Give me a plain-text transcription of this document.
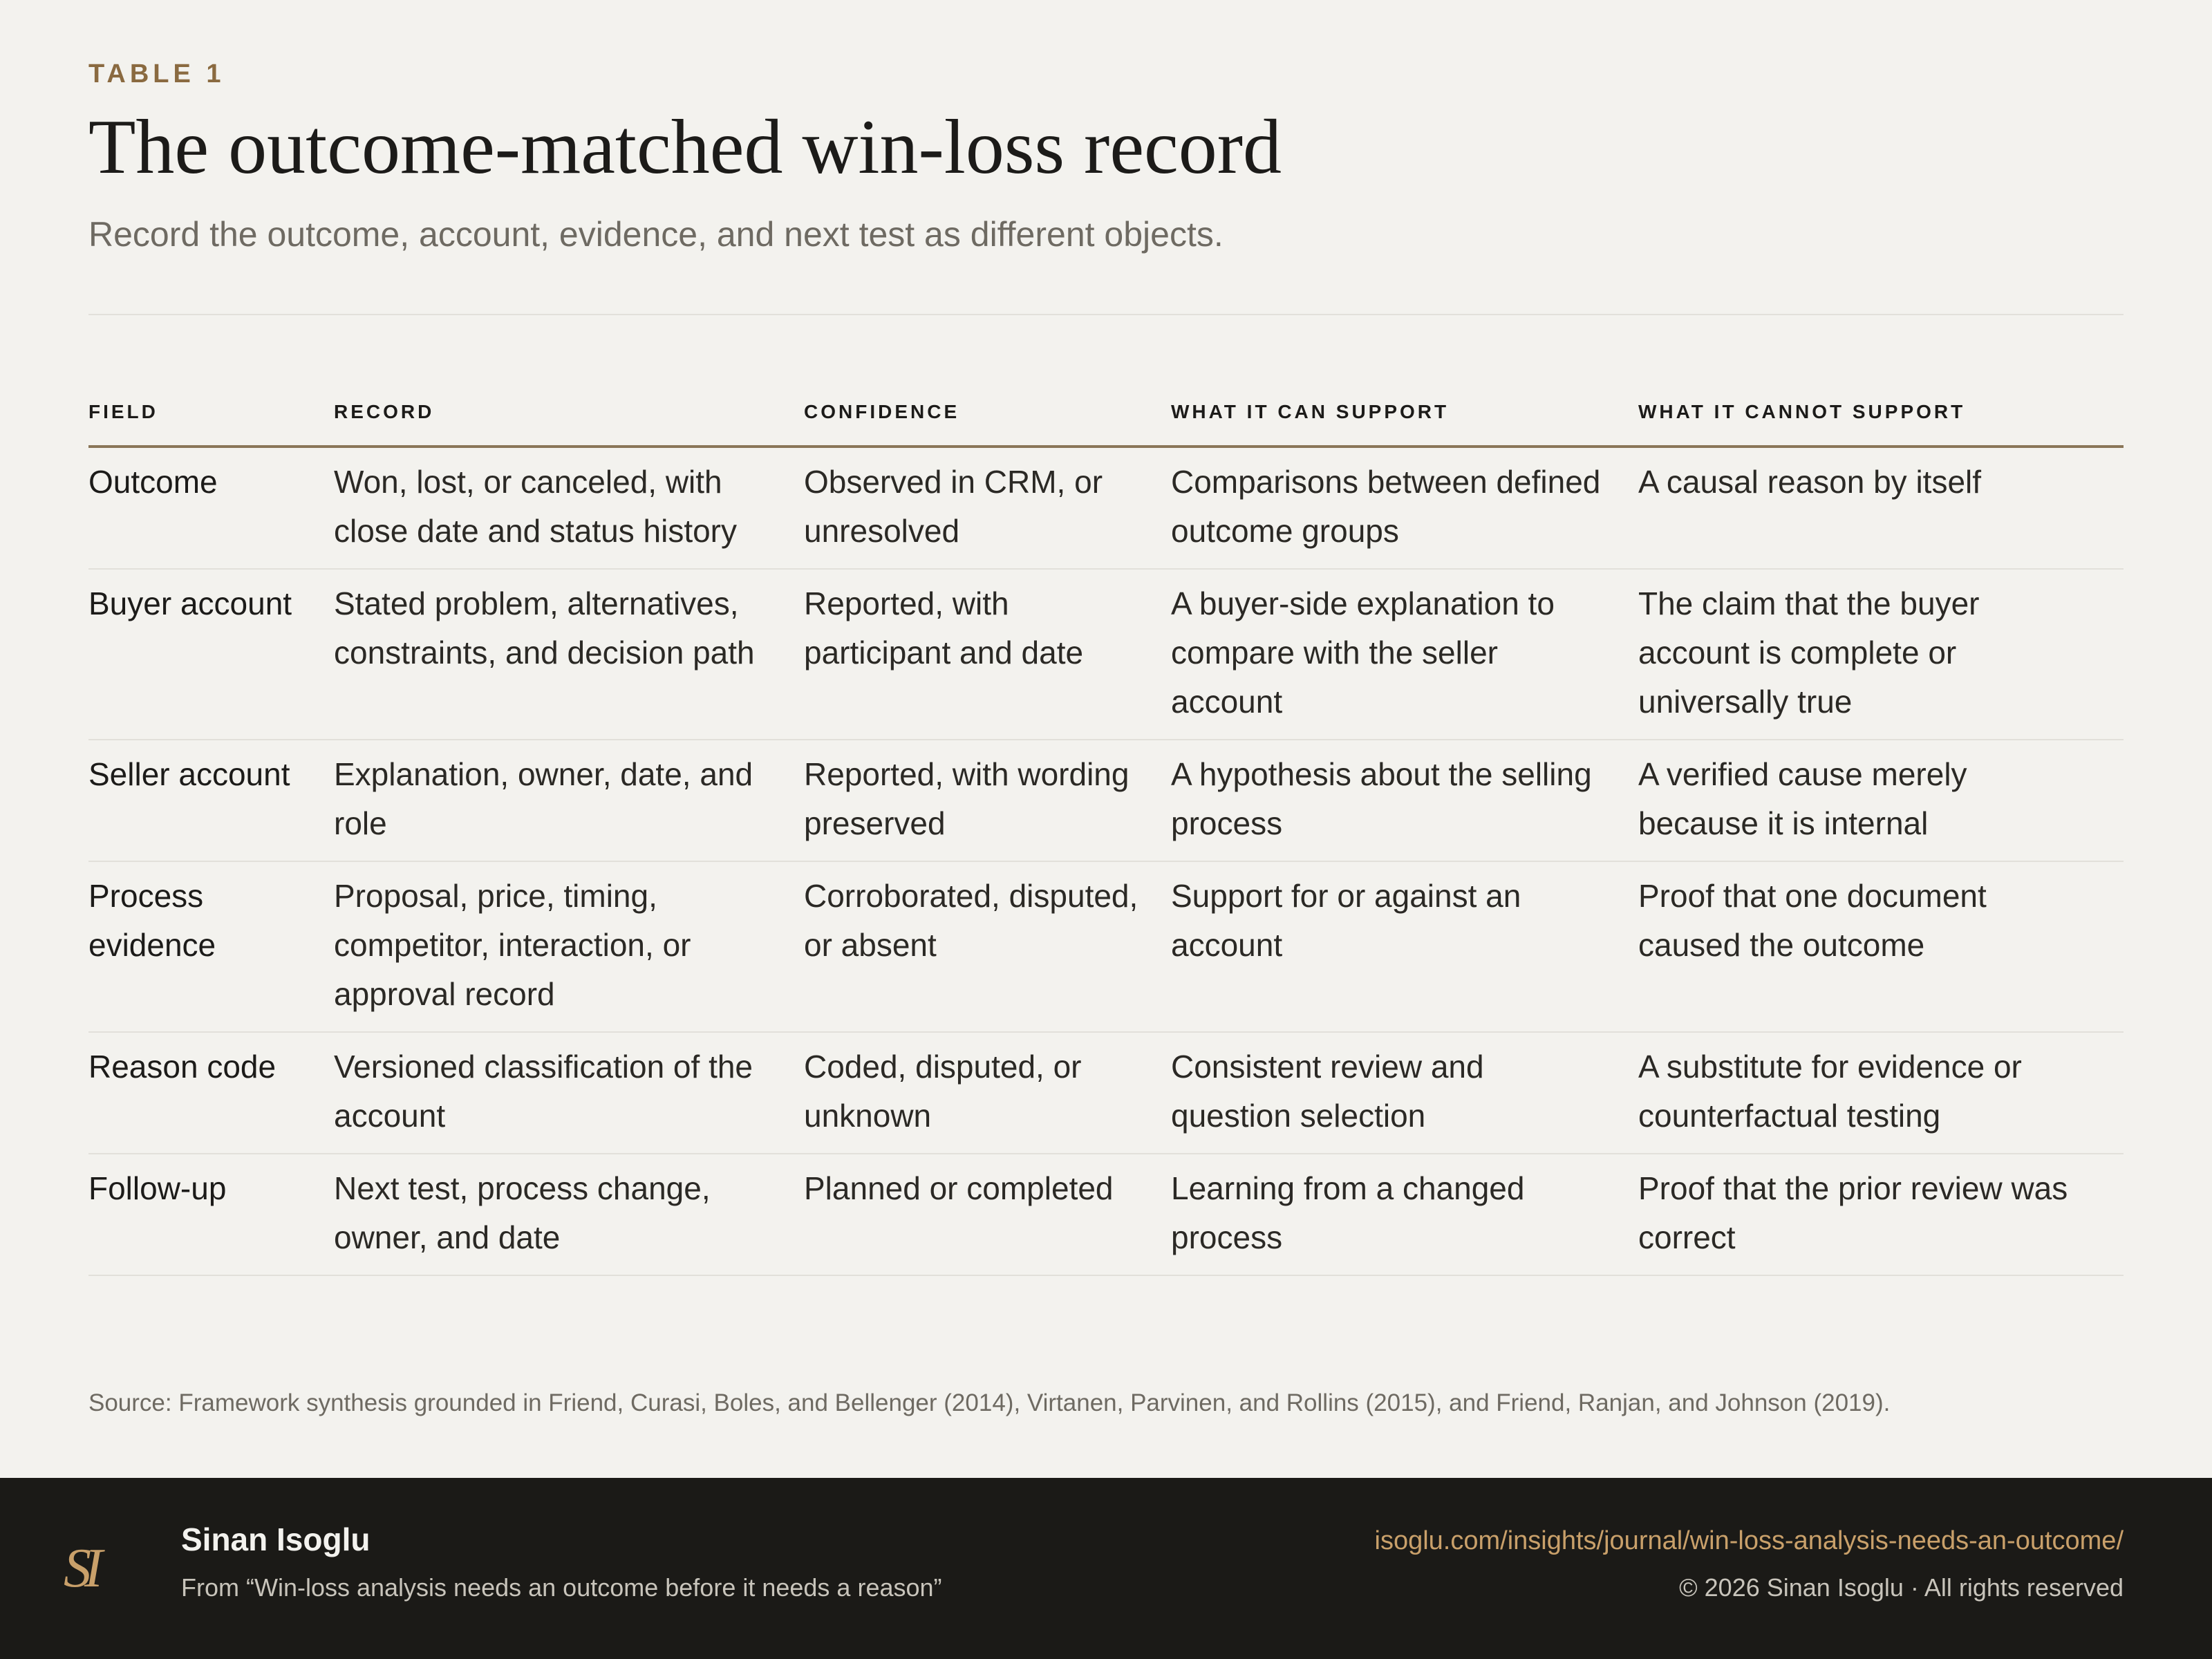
TABLE 1
The outcome-matched win-loss record
Record the outcome, account, evidence, and next test as different objects.
FIELD	RECORD	CONFIDENCE	WHAT IT CAN SUPPORT	WHAT IT CANNOT SUPPORT
Outcome	Won, lost, or canceled, with close date and status history	Observed in CRM, or unresolved	Comparisons between defined outcome groups	A causal reason by itself
Buyer account	Stated problem, alternatives, constraints, and decision path	Reported, with participant and date	A buyer-side explanation to compare with the seller account	The claim that the buyer account is complete or universally true
Seller account	Explanation, owner, date, and role	Reported, with wording preserved	A hypothesis about the selling process	A verified cause merely because it is internal
Process evidence	Proposal, price, timing, competitor, interaction, or approval record	Corroborated, disputed, or absent	Support for or against an account	Proof that one document caused the outcome
Reason code	Versioned classification of the account	Coded, disputed, or unknown	Consistent review and question selection	A substitute for evidence or counterfactual testing
Follow-up	Next test, process change, owner, and date	Planned or completed	Learning from a changed process	Proof that the prior review was correct
Source: Framework synthesis grounded in Friend, Curasi, Boles, and Bellenger (2014), Virtanen, Parvinen, and Rollins (2015), and Friend, Ranjan, and Johnson (2019).
SI	Sinan Isoglu
From “Win-loss analysis needs an outcome before it needs a reason”
isoglu.com/insights/journal/win-loss-analysis-needs-an-outcome/
© 2026 Sinan Isoglu · All rights reserved
